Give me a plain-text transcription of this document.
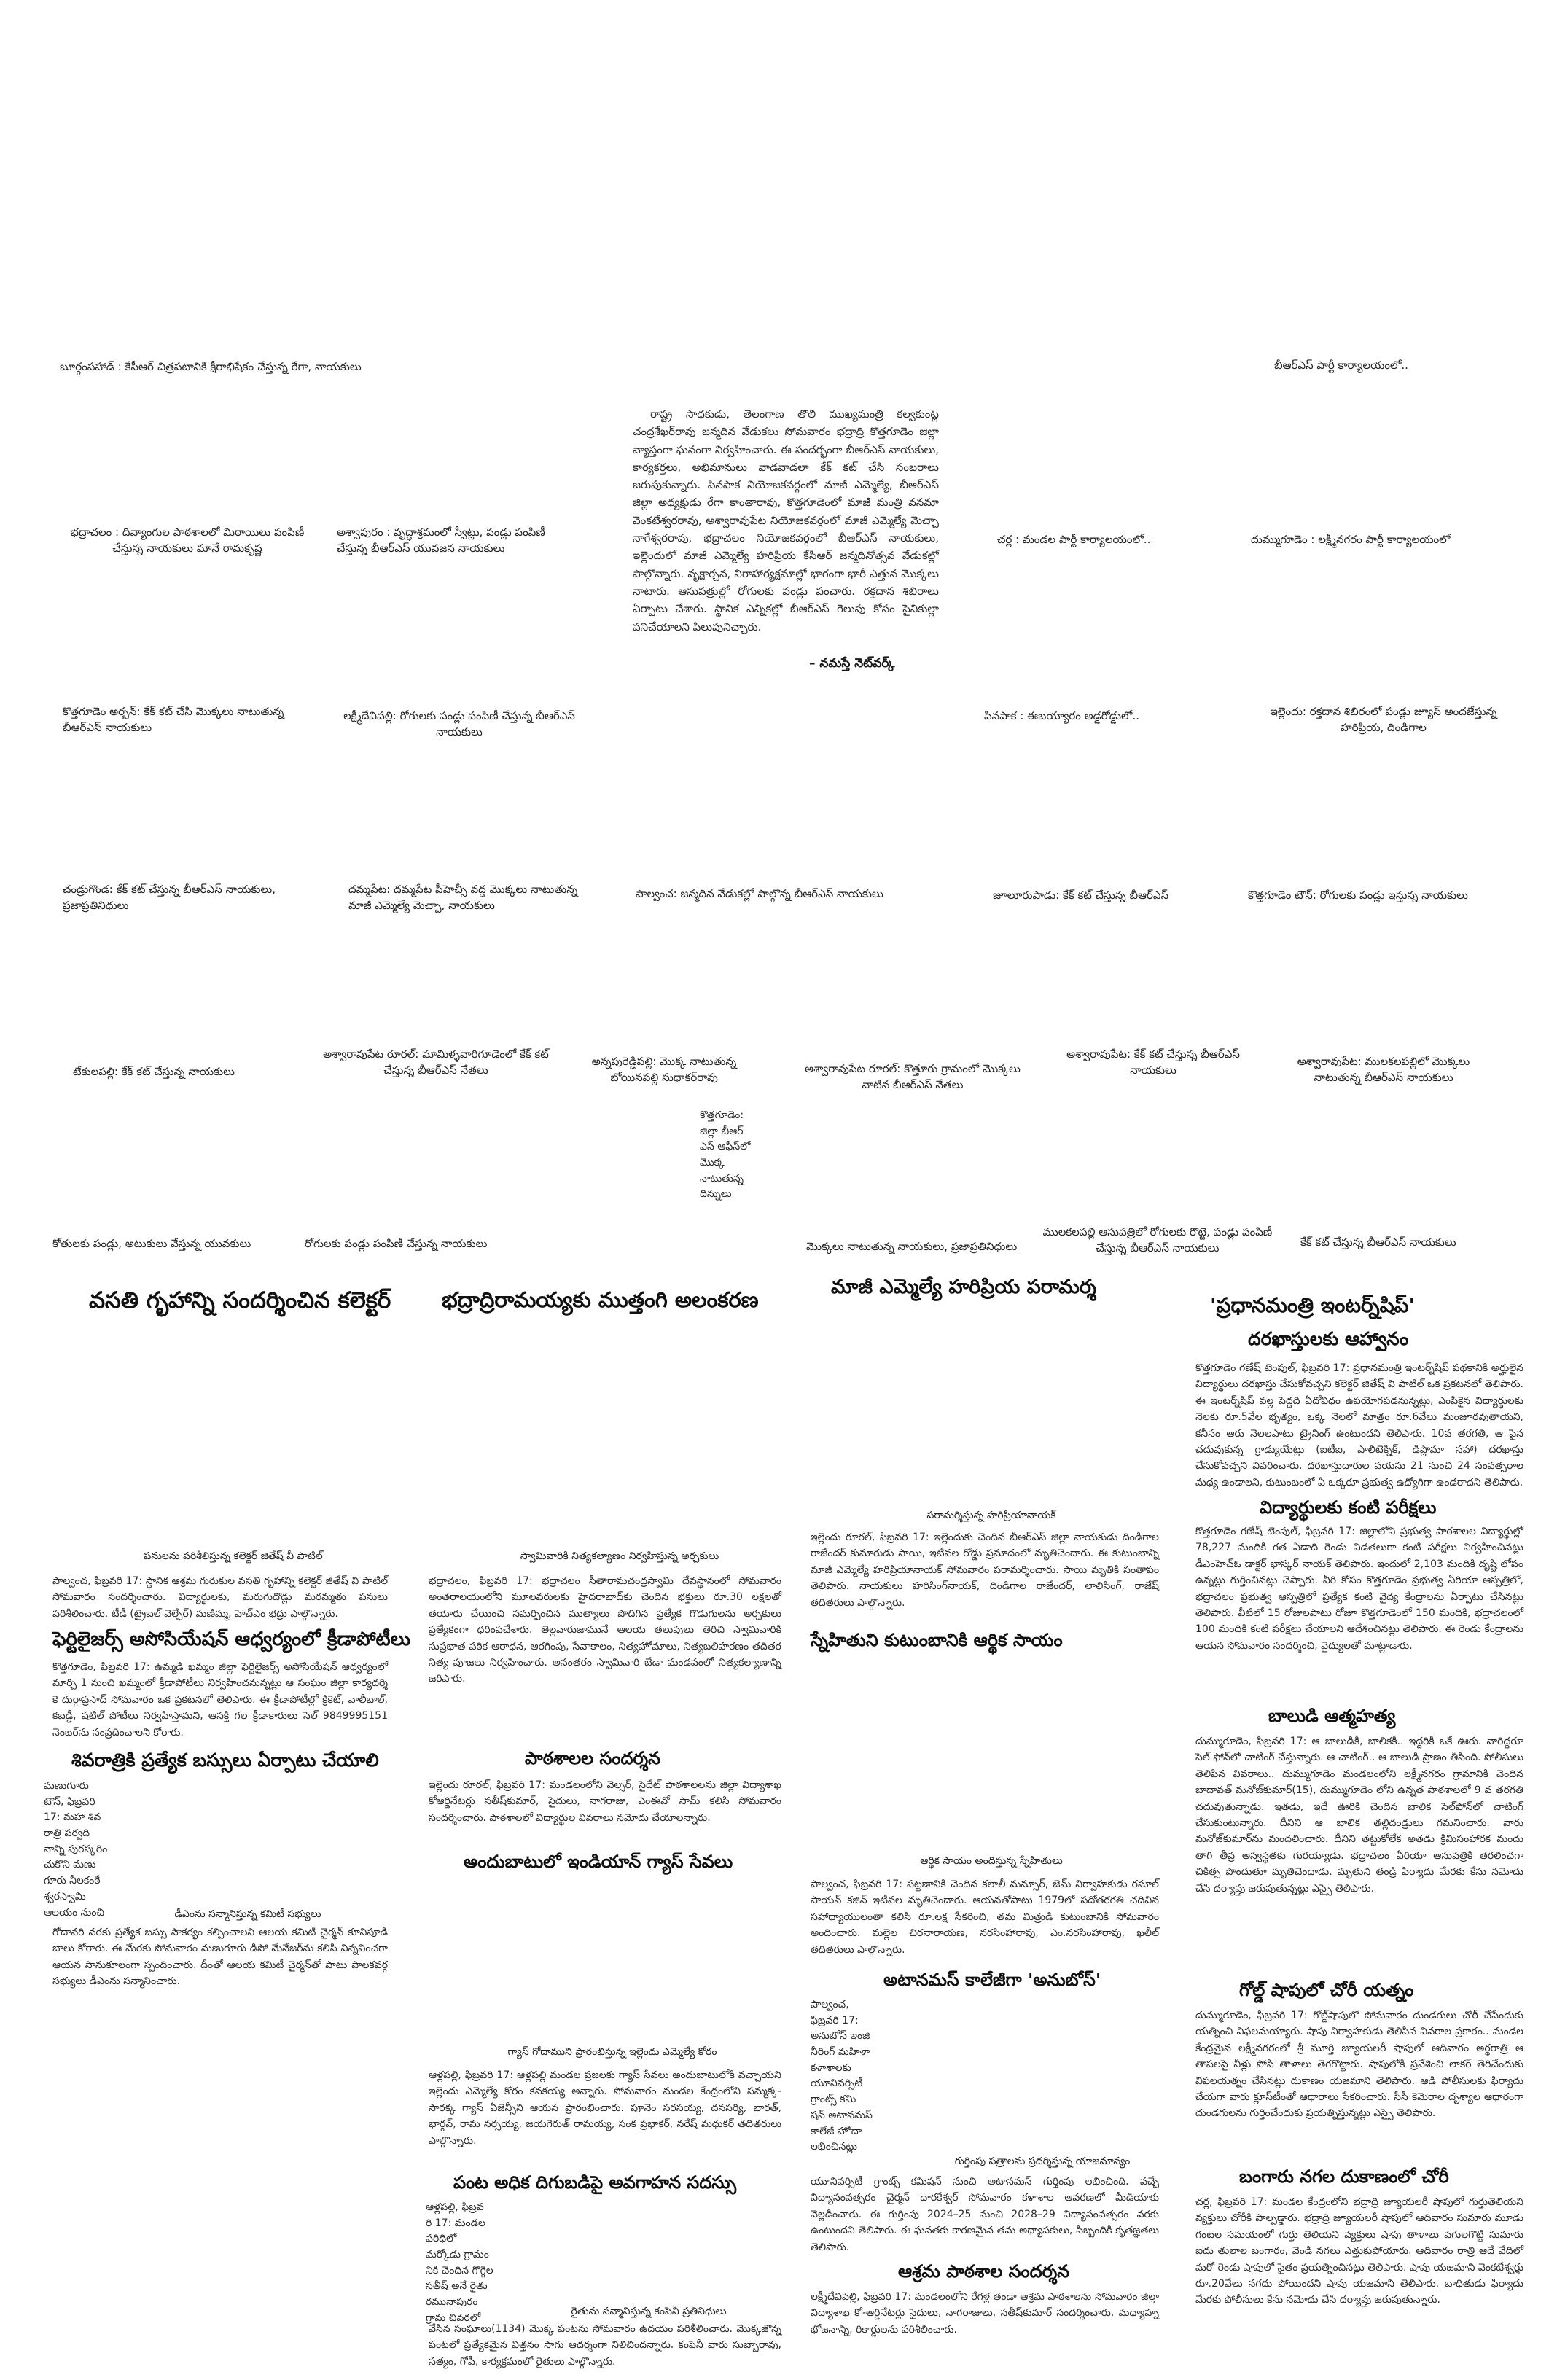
బూర్గంపహాడ్ : కేసీఆర్ చిత్రపటానికి క్షీరాభిషేకం చేస్తున్న రేగా, నాయకులు	బీఆర్ఎస్ పార్టీ కార్యాలయంలో..
భద్రాచలం : దివ్యాంగుల పాఠశాలలో మిఠాయిలు పంపిణీ చేస్తున్న నాయకులు మానే రామకృష్ణ
అశ్వాపురం : వృద్ధాశ్రమంలో స్వీట్లు, పండ్లు పంపిణీ చేస్తున్న బీఆర్ఎస్ యువజన నాయకులు

రాష్ట్ర సాధకుడు, తెలంగాణ తొలి ముఖ్యమంత్రి కల్వకుంట్ల చంద్రశేఖర్‌రావు జన్మదిన వేడుకలు సోమవారం భద్రాద్రి కొత్తగూడెం జిల్లా వ్యాప్తంగా ఘనంగా నిర్వహించారు. ఈ సందర్భంగా బీఆర్ఎస్ నాయకులు, కార్యకర్తలు, అభిమానులు వాడవాడలా కేక్ కట్ చేసి సంబరాలు జరుపుకున్నారు. పినపాక నియోజకవర్గంలో మాజీ ఎమ్మెల్యే, బీఆర్ఎస్ జిల్లా అధ్యక్షుడు రేగా కాంతారావు, కొత్తగూడెంలో మాజీ మంత్రి వనమా వెంకటేశ్వరరావు, అశ్వారావుపేట నియోజకవర్గంలో మాజీ ఎమ్మెల్యే మెచ్చా నాగేశ్వరరావు, భద్రాచలం నియోజకవర్గంలో బీఆర్ఎస్ నాయకులు, ఇల్లెందులో మాజీ ఎమ్మెల్యే హరిప్రియ కేసీఆర్ జన్మదినోత్సవ వేడుకల్లో పాల్గొన్నారు. వృక్షార్చన, నిరాహార్యక్షమాల్లో భాగంగా భారీ ఎత్తున మొక్కలు నాటారు. ఆసుపత్రుల్లో రోగులకు పండ్లు పంచారు. రక్తదాన శిబిరాలు ఏర్పాటు చేశారు. స్థానిక ఎన్నికల్లో బీఆర్ఎస్ గెలుపు కోసం సైనికుల్లా పనిచేయాలని పిలుపునిచ్చారు.

– నమస్తే నెట్‌వర్క్
చర్ల : మండల పార్టీ కార్యాలయంలో..	దుమ్ముగూడెం : లక్ష్మీనగరం పార్టీ కార్యాలయంలో
కొత్తగూడెం అర్బన్: కేక్ కట్ చేసి మొక్కలు నాటుతున్న బీఆర్ఎస్ నాయకులు
లక్ష్మీదేవిపల్లి: రోగులకు పండ్లు పంపిణీ చేస్తున్న బీఆర్ఎస్ నాయకులు
పినపాక : ఈబయ్యారం అడ్డరోడ్డులో..	ఇల్లెందు: రక్తదాన శిబిరంలో పండ్లు జ్యూస్ అందజేస్తున్న హరిప్రియ, దిండిగాల
చండ్రుగొండ: కేక్ కట్ చేస్తున్న బీఆర్ఎస్ నాయకులు, ప్రజాప్రతినిధులు
దమ్మపేట: దమ్మపేట పీహెచ్సీ వద్ద మొక్కలు నాటుతున్న మాజీ ఎమ్మెల్యే మెచ్చా, నాయకులు
పాల్వంచ: జన్మదిన వేడుకల్లో పాల్గొన్న బీఆర్ఎస్ నాయకులు	జూలూరుపాడు: కేక్ కట్ చేస్తున్న బీఆర్ఎస్	కొత్తగూడెం టౌన్: రోగులకు పండ్లు ఇస్తున్న నాయకులు
టేకులపల్లి: కేక్ కట్ చేస్తున్న నాయకులు
అశ్వారావుపేట రూరల్: మామిళ్ళవారిగూడెంలో కేక్ కట్ చేస్తున్న బీఆర్ఎస్ నేతలు
అన్నపురెడ్డిపల్లి: మొక్క నాటుతున్న బోయినపల్లి సుధాకర్‌రావు
అశ్వారావుపేట రూరల్: కొత్తూరు గ్రామంలో మొక్కలు నాటిన బీఆర్ఎస్ నేతలు
అశ్వారావుపేట: కేక్ కట్ చేస్తున్న బీఆర్ఎస్ నాయకులు
అశ్వారావుపేట: ములకలపల్లిలో మొక్కలు నాటుతున్న బీఆర్ఎస్ నాయకులు
కొత్తగూడెం:
జిల్లా బీఆర్
ఎస్ ఆఫీస్‌లో
మొక్క
నాటుతున్న
దిన్నులు
కోతులకు పండ్లు, అటుకులు వేస్తున్న యువకులు	రోగులకు పండ్లు పంపిణీ చేస్తున్న నాయకులు	మొక్కలు నాటుతున్న నాయకులు, ప్రజాప్రతినిధులు
ములకలపల్లి ఆసుపత్రిలో రోగులకు రొట్టె, పండ్లు పంపిణీ చేస్తున్న బీఆర్ఎస్ నాయకులు	కేక్ కట్ చేస్తున్న బీఆర్ఎస్ నాయకులు
వసతి గృహాన్ని సందర్శించిన కలెక్టర్
పనులను పరిశీలిస్తున్న కలెక్టర్ జితేష్ వీ పాటిల్

పాల్వంచ, ఫిబ్రవరి 17: స్థానిక ఆశ్రమ గురుకుల వసతి గృహాన్ని కలెక్టర్ జితేష్ వి పాటిల్ సోమవారం సందర్శించారు. విద్యార్థులకు, మరుగుదొడ్లు మరమ్మతు పనులు పరిశీలించారు. టీడీ (ట్రైబల్ వెల్ఫేర్) మణిమ్మ, హెచ్ఎం భద్రు పాల్గొన్నారు.

ఫెర్టిలైజర్స్ అసోసియేషన్ ఆధ్వర్యంలో క్రీడాపోటీలు

కొత్తగూడెం, ఫిబ్రవరి 17: ఉమ్మడి ఖమ్మం జిల్లా ఫెర్టిలైజర్స్ అసోసియేషన్ ఆధ్వర్యంలో మార్చి 1 నుంచి ఖమ్మంలో క్రీడాపోటీలు నిర్వహించనున్నట్లు ఆ సంఘం జిల్లా కార్యదర్శి కె దుర్గాప్రసాద్ సోమవారం ఒక ప్రకటనలో తెలిపారు. ఈ క్రీడాపోటీల్లో క్రికెట్, వాలీబాల్, కబడ్డీ, షటిల్ పోటీలు నిర్వహిస్తామని, ఆసక్తి గల క్రీడాకారులు సెల్ 9849995151 నెంబర్‌ను సంప్రదించాలని కోరారు.

శివరాత్రికి ప్రత్యేక బస్సులు ఏర్పాటు చేయాలి
మణుగూరు
టౌన్, ఫిబ్రవరి
17: మహా శివ
రాత్రి పర్వది
నాన్ని పురస్కరిం
చుకొని మణు
గూరు నీలకంఠే
శ్వరస్వామి
ఆలయం నుంచి	డీఎంను సన్మానిస్తున్న కమిటీ సభ్యులు

గోదావరి వరకు ప్రత్యేక బస్సు సౌకర్యం కల్పించాలని ఆలయ కమిటీ చైర్మన్ కూనిపూడి బాలు కోరారు. ఈ మేరకు సోమవారం మణుగూరు డిపో మేనేజర్‌ను కలిసి విన్నవించగా ఆయన సానుకూలంగా స్పందించారు. దీంతో ఆలయ కమిటీ చైర్మన్‌తో పాటు పాలకవర్గ సభ్యులు డీఎంను సన్మానించారు.

భద్రాద్రిరామయ్యకు ముత్తంగి అలంకరణ
స్వామివారికి నిత్యకల్యాణం నిర్వహిస్తున్న అర్చకులు

భద్రాచలం, ఫిబ్రవరి 17: భద్రాచలం సీతారామచంద్రస్వామి దేవస్థానంలో సోమవారం అంతరాలయంలోని మూలవరులకు హైదరాబాద్‌కు చెందిన భక్తులు రూ.30 లక్షలతో తయారు చేయించి సమర్పించిన ముత్యాలు పొదిగిన ప్రత్యేక గొడుగులను అర్చకులు ప్రత్యేకంగా ధరింపచేశారు. తెల్లవారుజామునే ఆలయ తలుపులు తెరిచి స్వామివారికి సుప్రభాత పఠిక ఆరాధన, ఆరగింపు, సేవాకాలం, నిత్యహోమాలు, నిత్యబలిహరణం తదితర నిత్య పూజలు నిర్వహించారు. అనంతరం స్వామివారి బేడా మండపంలో నిత్యకల్యాణాన్ని జరిపారు.

పాఠశాలల సందర్శన

ఇల్లెందు రూరల్, ఫిబ్రవరి 17: మండలంలోని వెల్సర్, సైదేట్ పాఠశాలలను జిల్లా విద్యాశాఖ కోఆర్డినేటర్లు సతీష్‌కుమార్, సైదులు, నాగరాజు, ఎంఈవో సామ్ కలిసి సోమవారం సందర్శించారు. పాఠశాలలో విద్యార్థుల వివరాలు నమోదు చేయాలన్నారు.

అందుబాటులో ఇండియాన్ గ్యాస్ సేవలు
గ్యాస్ గోదాముని ప్రారంభిస్తున్న ఇల్లెందు ఎమ్మెల్యే కోరం

ఆళ్లపల్లి, ఫిబ్రవరి 17: ఆళ్లపల్లి మండల ప్రజలకు గ్యాస్ సేవలు అందుబాటులోకి వచ్చాయని ఇల్లెందు ఎమ్మెల్యే కోరం కనకయ్య అన్నారు. సోమవారం మండల కేంద్రంలోని సమ్మక్క-సారక్క గ్యాస్ ఏజెన్సీని ఆయన ప్రారంభించారు. పూనెం సరసయ్య, దనసర్యి, భారత్, భార్గవ్, రామ నర్సయ్య, జయగెరుత్ రామయ్య, సంక ప్రభాకర్, నరేష్ మధుకర్ తదితరులు పాల్గొన్నారు.

పంట అధిక దిగుబడిపై అవగాహన సదస్సు
ఆళ్లపల్లి, ఫిబ్రవ
రి 17: మండల
పరిధిలో
మర్కోడు గ్రామం
నికి చెందిన గొగ్గెల
సతీష్ అనే రైతు
రమునాపురం
గ్రామ చివరలో
రైతును సన్మానిస్తున్న కంపెనీ ప్రతినిధులు

వేసిన సంఘాలు(1134) మొక్క పంటను సోమవారం ఉదయం పరిశీలించారు. మొక్కజొన్న పంటలో ప్రత్యేకమైన విత్తనం సాగు ఆదర్శంగా నిలిచిందన్నారు. కంపెనీ వారు సుబ్బారావు, సత్యం, గోపీ, కార్యక్రమంలో రైతులు పాల్గొన్నారు.

మాజీ ఎమ్మెల్యే హరిప్రియ పరామర్శ
పరామర్శిస్తున్న హరిప్రియానాయక్

ఇల్లెందు రూరల్, ఫిబ్రవరి 17: ఇల్లెందుకు చెందిన బీఆర్ఎస్ జిల్లా నాయకుడు దిండిగాల రాజేందర్ కుమారుడు సాయి, ఇటీవల రోడ్డు ప్రమాదంలో మృతిచెందారు. ఈ కుటుంబాన్ని మాజీ ఎమ్మెల్యే హరిప్రియానాయక్ సోమవారం పరామర్శించారు. సాయి మృతికి సంతాపం తెలిపారు. నాయకులు హరిసింగ్‌నాయక్, దిండిగాల రాజేందర్, లాలిసింగ్, రాజేష్ తదితరులు పాల్గొన్నారు.

స్నేహితుని కుటుంబానికి ఆర్థిక సాయం
ఆర్థిక సాయం అందిస్తున్న స్నేహితులు

పాల్వంచ, ఫిబ్రవరి 17: పట్టణానికి చెందిన కలాలీ మన్సూర్, జెమ్ నిర్వాహకుడు రసూల్ సాయన్ కజిన్ ఇటీవల మృతిచెందారు. ఆయనతోపాటు 1979లో పదోతరగతి చదివిన సహాధ్యాయులంతా కలిసి రూ.లక్ష సేకరించి, తమ మిత్రుడి కుటుంబానికి సోమవారం అందించారు. మల్లెల చిరనారాయణ, నరసింహారావు, ఎం.నరసింహారావు, ఖలీల్ తదితరులు పాల్గొన్నారు.

అటానమస్ కాలేజీగా 'అనుబోస్'
పాల్వంచ,
ఫిబ్రవరి 17:
అనుబోస్ ఇంజి
నీరింగ్ మహిళా
కళాశాలకు
యూనివర్సిటీ
గ్రాంట్స్ కమి
షన్ అటానమస్
కాలేజీ హోదా
లభించినట్లు
గుర్తింపు పత్రాలను ప్రదర్శిస్తున్న యాజమాన్యం

యూనివర్సిటీ గ్రాంట్స్ కమిషన్ నుంచి అటానమస్ గుర్తింపు లభించింది. వచ్చే విద్యాసంవత్సరం చైర్మన్ దారకేశ్వర్ సోమవారం కళాశాల ఆవరణలో మీడియాకు వెల్లడించారు. ఈ గుర్తింపు 2024–25 నుంచి 2028–29 విద్యాసంవత్సరం వరకు ఉంటుందని తెలిపారు. ఈ ఘనతకు కారణమైన తమ అధ్యాపకులు, సిబ్బందికి కృతజ్ఞతలు తెలిపారు.

ఆశ్రమ పాఠశాల సందర్శన

లక్ష్మీదేవిపల్లి, ఫిబ్రవరి 17: మండలంలోని రేగళ్ల తండా ఆశ్రమ పాఠశాలను సోమవారం జిల్లా విద్యాశాఖ కో-ఆర్డినేటర్లు సైదులు, నాగరాజులు, సతీష్‌కుమార్ సందర్శించారు. మధ్యాహ్న భోజనాన్ని, రికార్డులను పరిశీలించారు.

'ప్రధానమంత్రి ఇంటర్న్‌షిప్'
దరఖాస్తులకు ఆహ్వానం

కొత్తగూడెం గణేష్ టెంపుల్, ఫిబ్రవరి 17: ప్రధానమంత్రి ఇంటర్న్‌షిప్ పథకానికి అర్హులైన విద్యార్థులు దరఖాస్తు చేసుకోవచ్చని కలెక్టర్ జితేష్ వి పాటిల్ ఒక ప్రకటనలో తెలిపారు. ఈ ఇంటర్న్‌షిప్ వల్ల పెద్దది ఏదోవిధం ఉపయోగపడనున్నట్లు, ఎంపికైన విద్యార్థులకు నెలకు రూ.5వేల భృత్యం, ఒక్క నెలలో మాత్రం రూ.6వేలు మంజూరవుతాయని, కనీసం ఆరు నెలలపాటు ట్రైనింగ్ ఉంటుందని తెలిపారు. 10వ తరగతి, ఆ పైన చదువుకున్న గ్రాడ్యుయేట్లు (ఐటీఐ, పాలిటెక్నిక్, డిప్లొమా సహా) దరఖాస్తు చేసుకోవచ్చని వివరించారు. దరఖాస్తుదారుల వయసు 21 నుంచి 24 సంవత్సరాల మధ్య ఉండాలని, కుటుంబంలో ఏ ఒక్కరూ ప్రభుత్వ ఉద్యోగిగా ఉండరాదని తెలిపారు.

విద్యార్థులకు కంటి పరీక్షలు

కొత్తగూడెం గణేష్ టెంపుల్, ఫిబ్రవరి 17: జిల్లాలోని ప్రభుత్వ పాఠశాలల విద్యార్థుల్లో 78,227 మందికి గత ఏడాది రెండు విడతలుగా కంటి పరీక్షలు నిర్వహించినట్లు డీఎంహెచ్ఓ డాక్టర్ భాస్కర్ నాయక్ తెలిపారు. ఇందులో 2,103 మందికి దృష్టి లోపం ఉన్నట్లు గుర్తించినట్లు చెప్పారు. వీరి కోసం కొత్తగూడెం ప్రభుత్వ ఏరియా ఆస్పత్రిలో, భద్రాచలం ప్రభుత్వ ఆస్పత్రిలో ప్రత్యేక కంటి వైద్య కేంద్రాలను ఏర్పాటు చేసినట్లు తెలిపారు. వీటిలో 15 రోజులపాటు రోజూ కొత్తగూడెంలో 150 మందికి, భద్రాచలంలో 100 మందికి కంటి పరీక్షలు చేయాలని ఆదేశించినట్లు తెలిపారు. ఈ రెండు కేంద్రాలను ఆయన సోమవారం సందర్శించి, వైద్యులతో మాట్లాడారు.

బాలుడి ఆత్మహత్య

దుమ్ముగూడెం, ఫిబ్రవరి 17: ఆ బాలుడికి, బాలికకి.. ఇద్దరికీ ఒకే ఊరు. వారిద్దరూ సెల్ ఫోన్‌లో చాటింగ్ చేస్తున్నారు. ఆ చాటింగ్.. ఆ బాలుడి ప్రాణం తీసింది. పోలీసులు తెలిపిన వివరాలు.. దుమ్ముగూడెం మండలంలోని లక్ష్మీనగరం గ్రామానికి చెందిన బాదావత్ మనోజ్‌కుమార్(15), దుమ్ముగూడెం లోని ఉన్నత పాఠశాలలో 9 వ తరగతి చదువుతున్నాడు. ఇతడు, ఇదే ఊరికి చెందిన బాలిక సెల్‌ఫోన్‌లో చాటింగ్ చేసుకుంటున్నారు. దీనిని ఆ బాలిక తల్లిదండ్రులు గమనించారు. వారు మనోజ్‌కుమార్‌ను మందలించారు. దీనిని తట్టుకోలేక అతడు క్రిమిసంహారక మందు తాగి తీవ్ర అస్వస్థతకు గురయ్యాడు. భద్రాచలం ఏరియా ఆసుపత్రికి తరలించగా చికిత్స పొందుతూ మృతిచెందాడు. మృతుని తండ్రి ఫిర్యాదు మేరకు కేసు నమోదు చేసి దర్యాప్తు జరుపుతున్నట్లు ఎస్సై తెలిపారు.

గోల్డ్ షాపులో చోరీ యత్నం

దుమ్ముగూడెం, ఫిబ్రవరి 17: గోల్డ్‌షాపులో సోమవారం దుండగులు చోరీ చేసేందుకు యత్నించి విఫలమయ్యారు. షాపు నిర్వాహకుడు తెలిపిన వివరాల ప్రకారం.. మండల కేంద్రమైన లక్ష్మీనగరంలో శ్రీ మూర్తి జ్యూయలరీ షాపులో ఆదివారం అర్థరాత్రి ఆ తాపలపై నీళ్లు పోసి తాళాలు తెగగొట్టారు. షాపులోకి ప్రవేశించి లాకర్ తెరిచేందుకు విఫలయత్నం చేసినట్లు దుకాణం యజమాని తెలిపారు. ఆడి పోలీసులకు ఫిర్యాదు చేయగా వారు క్లూస్‌టీంతో ఆధారాలు సేకరించారు. సీసీ కెమెరాల దృశ్యాల ఆధారంగా దుండగులను గుర్తించేందుకు ప్రయత్నిస్తున్నట్లు ఎస్సై తెలిపారు.

బంగారు నగల దుకాణంలో చోరీ

చర్ల, ఫిబ్రవరి 17: మండల కేంద్రంలోని భద్రాద్రి జ్యూయలరీ షాపులో గుర్తుతెలియని వ్యక్తులు చోరీకి పాల్పడ్డారు. భద్రాద్రి జ్యూయలరీ షాపులో ఆదివారం సుమారు మూడు గంటల సమయంలో గుర్తు తెలియని వ్యక్తులు షాపు తాళాలు పగులగొట్టి సుమారు ఐదు తులాల బంగారం, వెండి నగలు ఎత్తుకుపోయారు. ఆదివారం రాత్రి ఆదే వేదిలో మరో రెండు షాపులో సైతం ప్రయత్నించినట్లు తెలిపారు. షాపు యజమాని వెంకటేశ్వర్లు రూ.20వేలు నగదు పోయిందని షాపు యజమాని తెలిపారు. బాధితుడు ఫిర్యాదు మేరకు పోలీసులు కేసు నమోదు చేసి దర్యాప్తు జరుపుతున్నారు.
